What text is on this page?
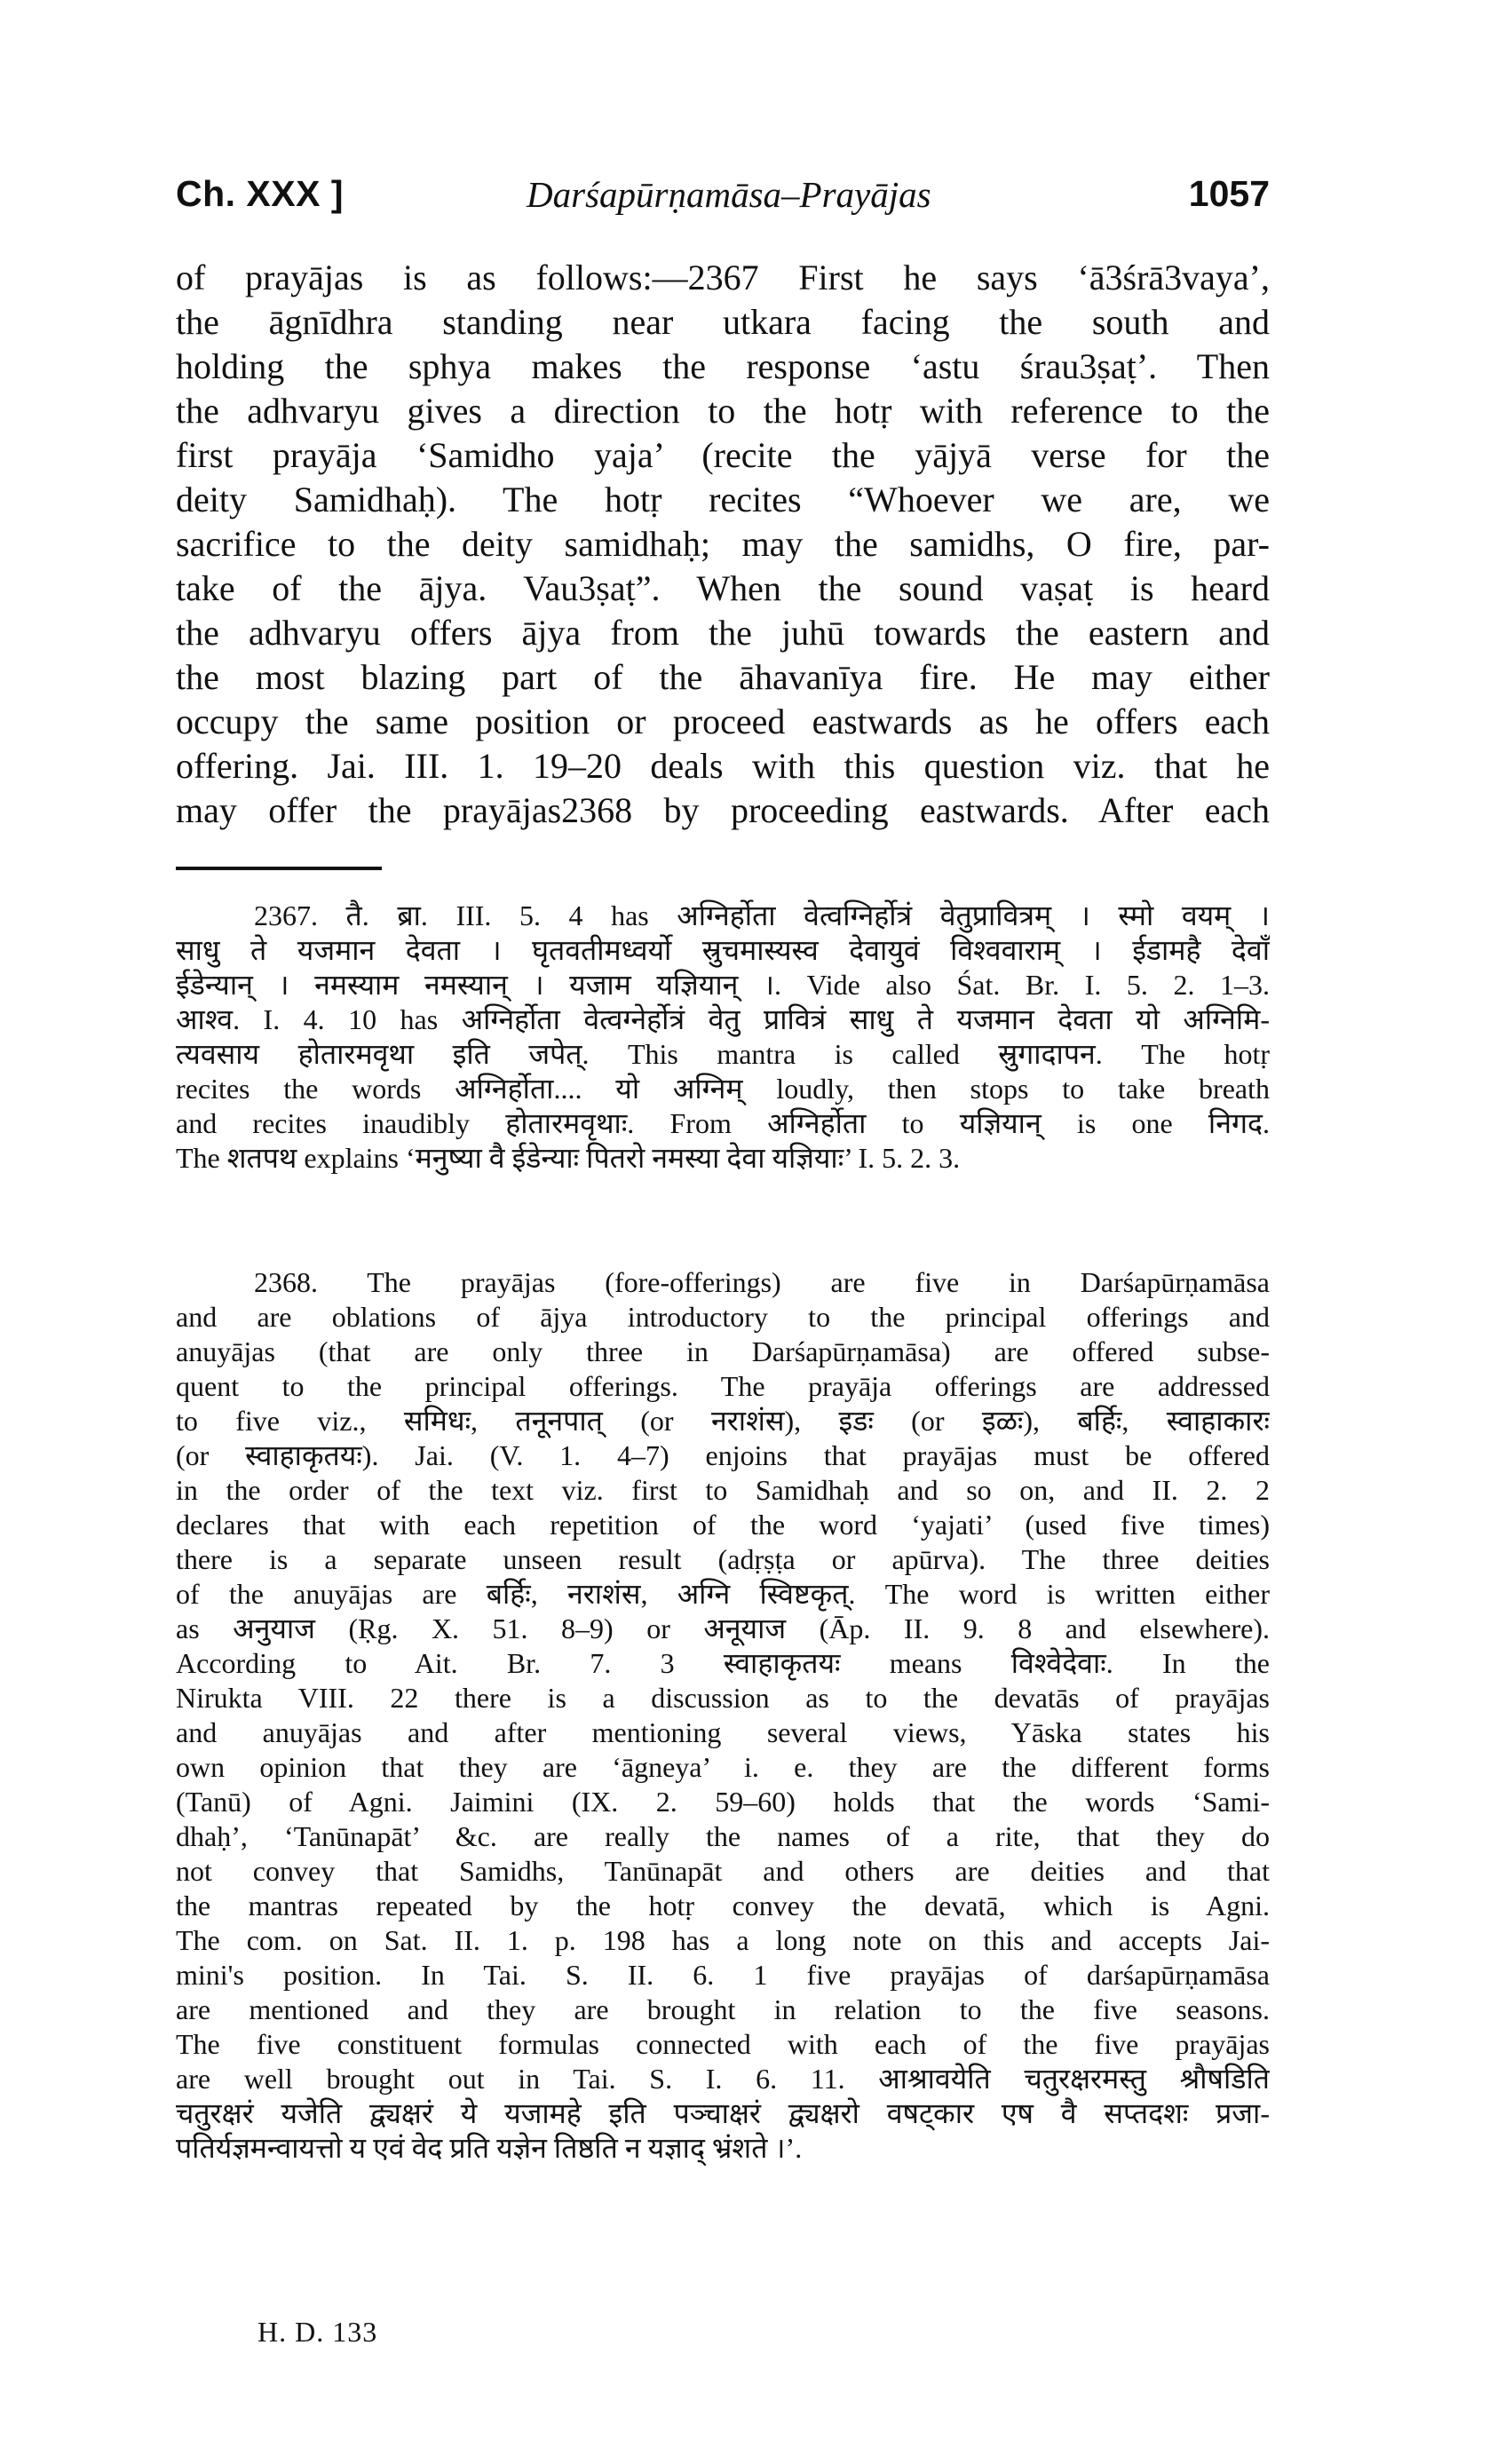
Ch. XXX ]	Darśapūrṇamāsa–Prayājas	1057
of prayājas is as follows:—2367 First he says ‘ā3śrā3vaya’,
the āgnīdhra standing near utkara facing the south and
holding the sphya makes the response ‘astu śrau3ṣaṭ’. Then
the adhvaryu gives a direction to the hotṛ with reference to the
first prayāja ‘Samidho yaja’ (recite the yājyā verse for the
deity Samidhaḥ). The hotṛ recites “Whoever we are, we
sacrifice to the deity samidhaḥ; may the samidhs, O fire, par-
take of the ājya. Vau3ṣaṭ”. When the sound vaṣaṭ is heard
the adhvaryu offers ājya from the juhū towards the eastern and
the most blazing part of the āhavanīya fire. He may either
occupy the same position or proceed eastwards as he offers each
offering. Jai. III. 1. 19–20 deals with this question viz. that he
may offer the prayājas2368 by proceeding eastwards. After each
2367. तै. ब्रा. III. 5. 4 has अग्निर्होता वेत्वग्निर्होत्रं वेतुप्रावित्रम् । स्मो वयम् ।
साधु ते यजमान देवता । घृतवतीमध्वर्यो स्रुचमास्यस्व देवायुवं विश्ववाराम् । ईडामहै देवाँ
ईडेन्यान् । नमस्याम नमस्यान् । यजाम यज्ञियान् ।. Vide also Śat. Br. I. 5. 2. 1–3.
आश्व. I. 4. 10 has अग्निर्होता वेत्वग्नेर्होत्रं वेतु प्रावित्रं साधु ते यजमान देवता यो अग्निमि-
त्यवसाय होतारमवृथा इति जपेत्. This mantra is called स्रुगादापन. The hotṛ
recites the words अग्निर्होता.... यो अग्निम् loudly, then stops to take breath
and recites inaudibly होतारमवृथाः. From अग्निर्होता to यज्ञियान् is one निगद.
The शतपथ explains ‘मनुष्या वै ईडेन्याः पितरो नमस्या देवा यज्ञियाः’ I. 5. 2. 3.
2368. The prayājas (fore-offerings) are five in Darśapūrṇamāsa
and are oblations of ājya introductory to the principal offerings and
anuyājas (that are only three in Darśapūrṇamāsa) are offered subse-
quent to the principal offerings. The prayāja offerings are addressed
to five viz., समिधः, तनूनपात् (or नराशंस), इडः (or इळः), बर्हिः, स्वाहाकारः
(or स्वाहाकृतयः). Jai. (V. 1. 4–7) enjoins that prayājas must be offered
in the order of the text viz. first to Samidhaḥ and so on, and II. 2. 2
declares that with each repetition of the word ‘yajati’ (used five times)
there is a separate unseen result (adṛṣṭa or apūrva). The three deities
of the anuyājas are बर्हिः, नराशंस, अग्नि स्विष्टकृत्. The word is written either
as अनुयाज (Ṛg. X. 51. 8–9) or अनूयाज (Āp. II. 9. 8 and elsewhere).
According to Ait. Br. 7. 3 स्वाहाकृतयः means विश्वेदेवाः. In the
Nirukta VIII. 22 there is a discussion as to the devatās of prayājas
and anuyājas and after mentioning several views, Yāska states his
own opinion that they are ‘āgneya’ i. e. they are the different forms
(Tanū) of Agni. Jaimini (IX. 2. 59–60) holds that the words ‘Sami-
dhaḥ’, ‘Tanūnapāt’ &c. are really the names of a rite, that they do
not convey that Samidhs, Tanūnapāt and others are deities and that
the mantras repeated by the hotṛ convey the devatā, which is Agni.
The com. on Sat. II. 1. p. 198 has a long note on this and accepts Jai-
mini's position. In Tai. S. II. 6. 1 five prayājas of darśapūrṇamāsa
are mentioned and they are brought in relation to the five seasons.
The five constituent formulas connected with each of the five prayājas
are well brought out in Tai. S. I. 6. 11. आश्रावयेति चतुरक्षरमस्तु श्रौषडिति
चतुरक्षरं यजेति द्व्यक्षरं ये यजामहे इति पञ्चाक्षरं द्व्यक्षरो वषट्कार एष वै सप्तदशः प्रजा-
पतिर्यज्ञमन्वायत्तो य एवं वेद प्रति यज्ञेन तिष्ठति न यज्ञाद् भ्रंशते ।’.
H. D. 133
